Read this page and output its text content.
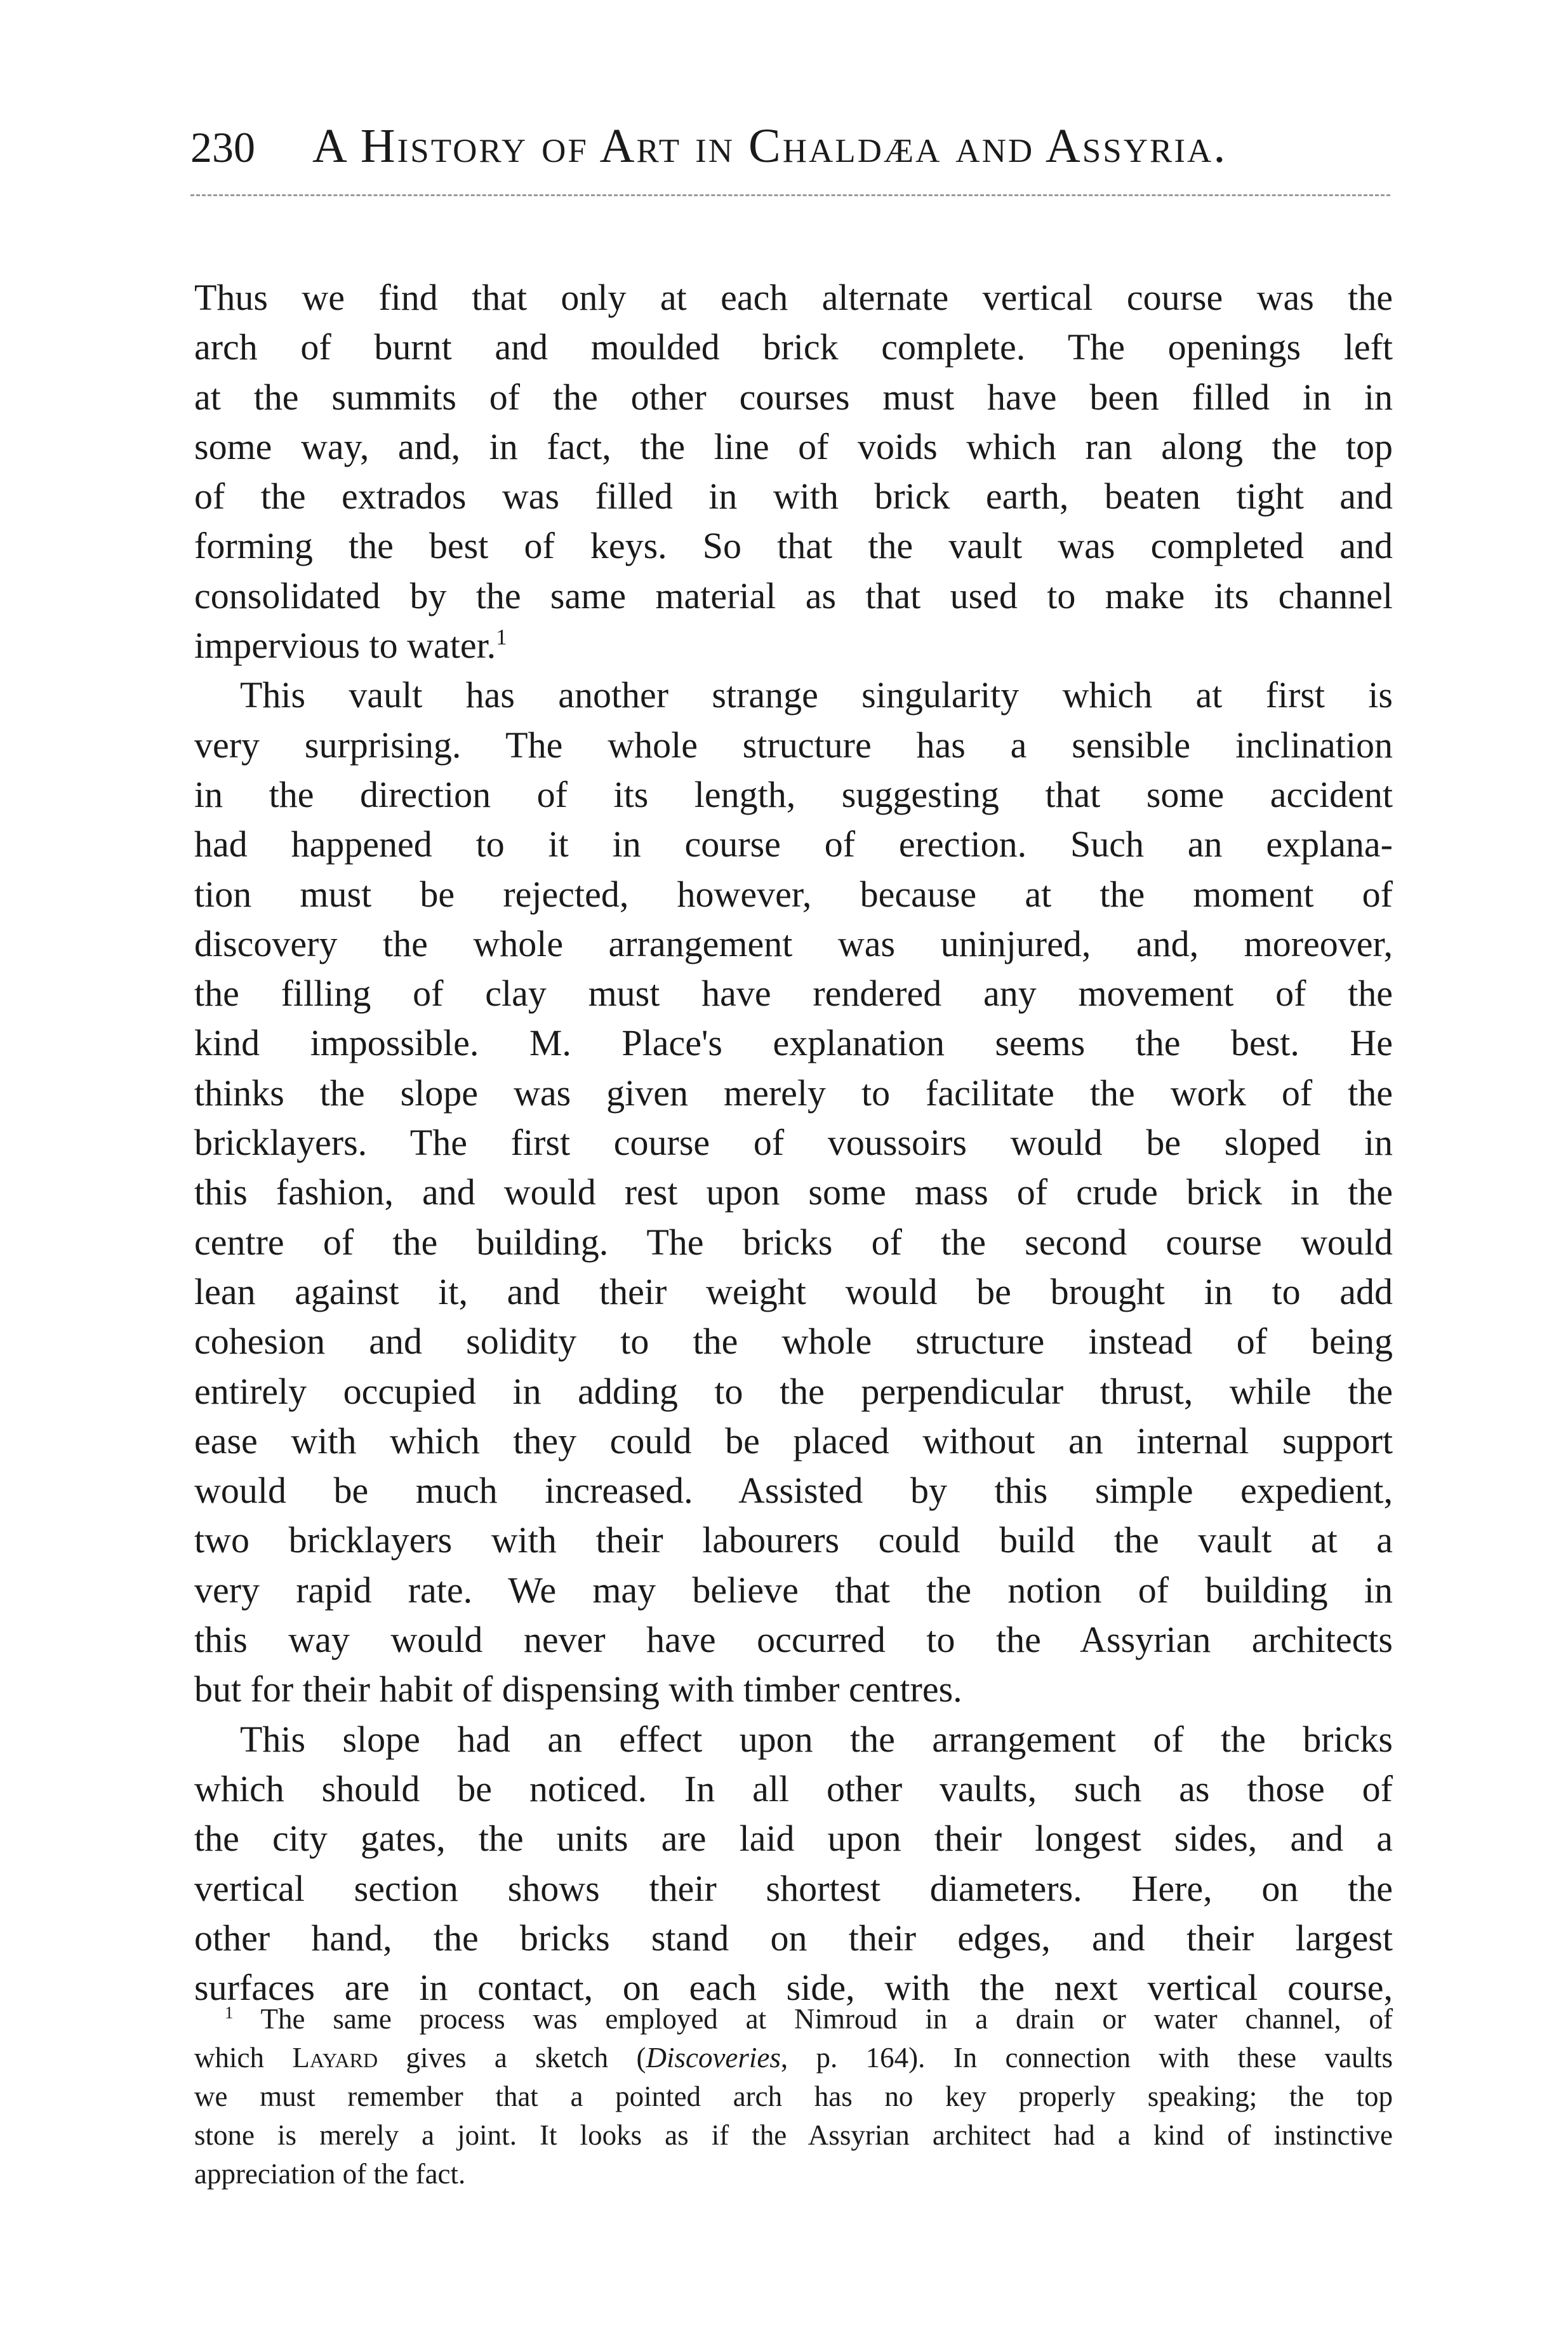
230 A History of Art in Chaldæa and Assyria.
Thus we find that only at each alternate vertical course was the
arch of burnt and moulded brick complete. The openings left
at the summits of the other courses must have been filled in in
some way, and, in fact, the line of voids which ran along the top
of the extrados was filled in with brick earth, beaten tight and
forming the best of keys. So that the vault was completed and
consolidated by the same material as that used to make its channel
impervious to water.$^1$
This vault has another strange singularity which at first is
very surprising. The whole structure has a sensible inclination
in the direction of its length, suggesting that some accident
had happened to it in course of erection. Such an explana-
tion must be rejected, however, because at the moment of
discovery the whole arrangement was uninjured, and, moreover,
the filling of clay must have rendered any movement of the
kind impossible. M. Place's explanation seems the best. He
thinks the slope was given merely to facilitate the work of the
bricklayers. The first course of voussoirs would be sloped in
this fashion, and would rest upon some mass of crude brick in the
centre of the building. The bricks of the second course would
lean against it, and their weight would be brought in to add
cohesion and solidity to the whole structure instead of being
entirely occupied in adding to the perpendicular thrust, while the
ease with which they could be placed without an internal support
would be much increased. Assisted by this simple expedient,
two bricklayers with their labourers could build the vault at a
very rapid rate. We may believe that the notion of building in
this way would never have occurred to the Assyrian architects
but for their habit of dispensing with timber centres.
This slope had an effect upon the arrangement of the bricks
which should be noticed. In all other vaults, such as those of
the city gates, the units are laid upon their longest sides, and a
vertical section shows their shortest diameters. Here, on the
other hand, the bricks stand on their edges, and their largest
surfaces are in contact, on each side, with the next vertical course,
$^1$ The same process was employed at Nimroud in a drain or water channel, of
which Layard gives a sketch (Discoveries, p. 164). In connection with these vaults
we must remember that a pointed arch has no key properly speaking; the top
stone is merely a joint. It looks as if the Assyrian architect had a kind of instinctive
appreciation of the fact.
